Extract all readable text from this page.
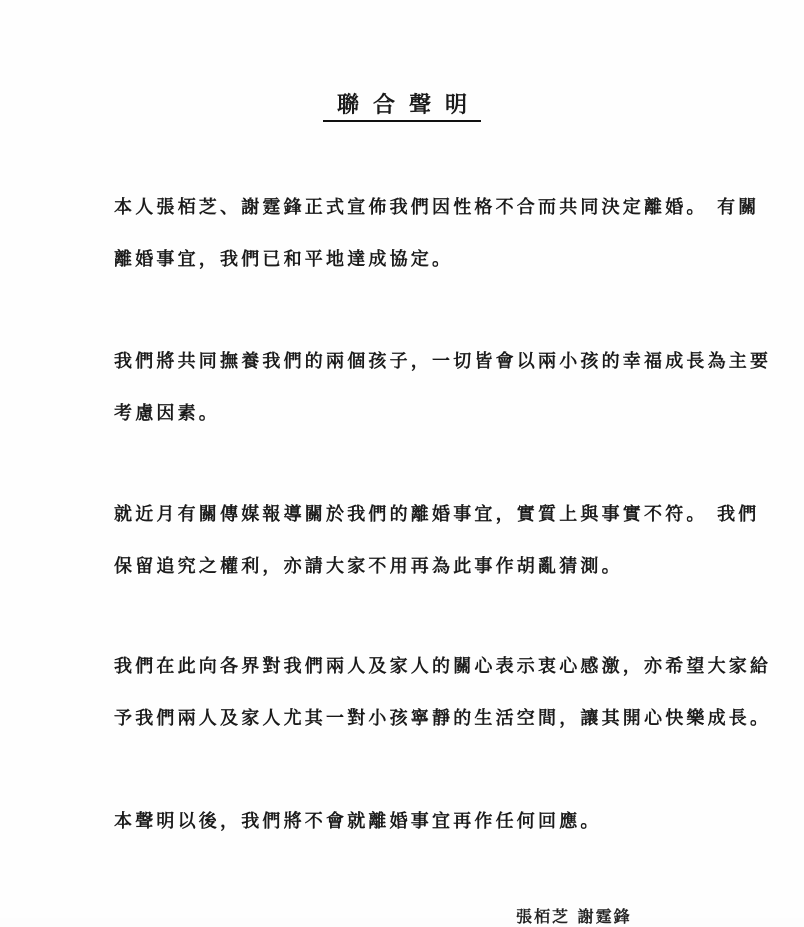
聯合聲明
本人張栢芝、謝霆鋒正式宣佈我們因性格不合而共同決定離婚。 有關
離婚事宜，我們已和平地達成協定。
我們將共同撫養我們的兩個孩子，一切皆會以兩小孩的幸福成長為主要
考慮因素。
就近月有關傳媒報導關於我們的離婚事宜，實質上與事實不符。 我們
保留追究之權利，亦請大家不用再為此事作胡亂猜測。
我們在此向各界對我們兩人及家人的關心表示衷心感激，亦希望大家給
予我們兩人及家人尤其一對小孩寧靜的生活空間，讓其開心快樂成長。
本聲明以後，我們將不會就離婚事宜再作任何回應。
張栢芝 謝霆鋒
